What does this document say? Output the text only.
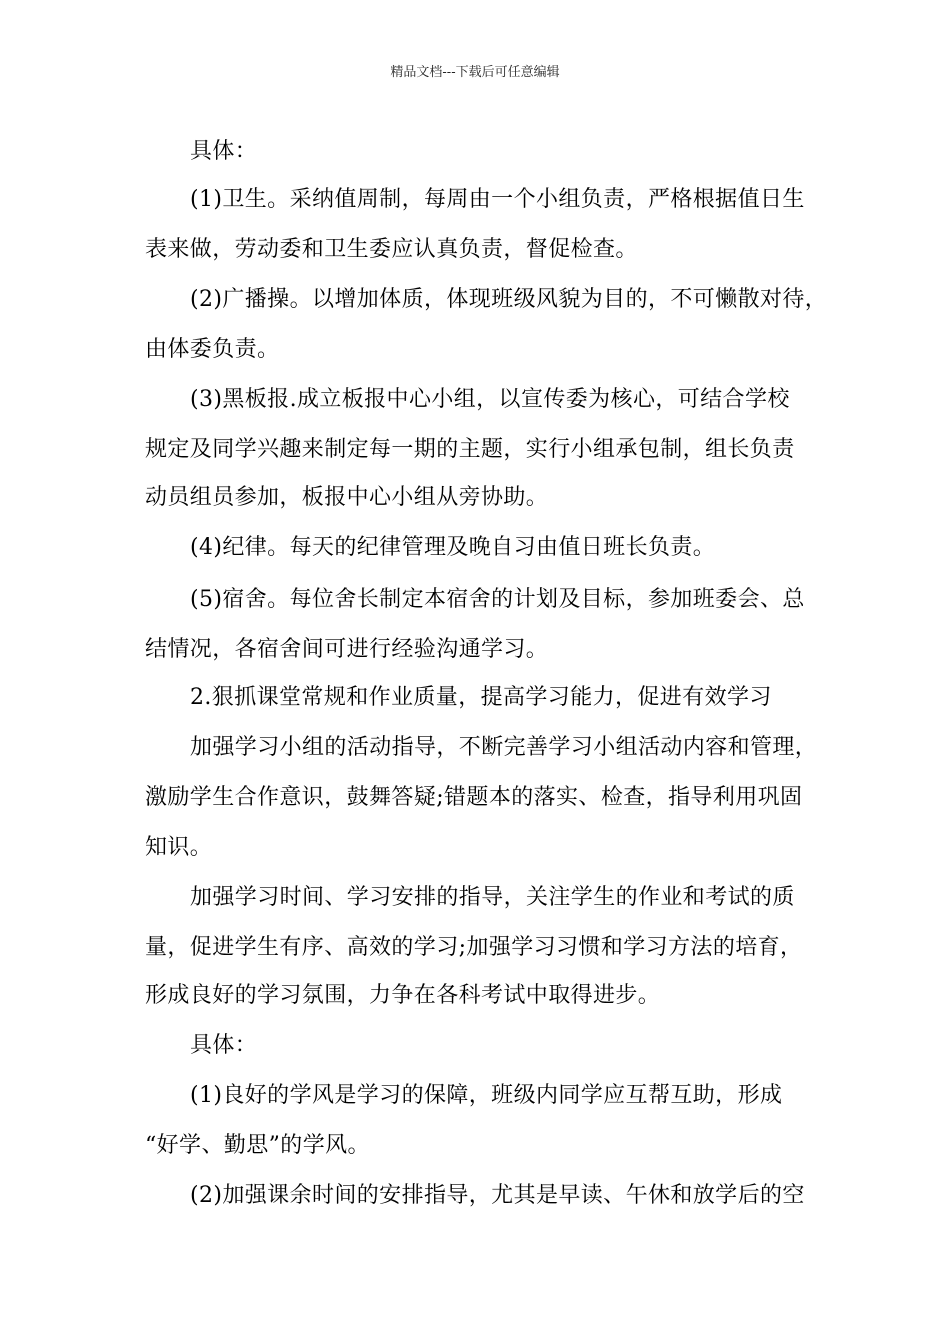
精品文档---下载后可任意编辑
具体：
(1)卫生。采纳值周制，每周由一个小组负责，严格根据值日生
表来做，劳动委和卫生委应认真负责，督促检查。
(2)广播操。以增加体质，体现班级风貌为目的，不可懒散对待，
由体委负责。
(3)黑板报.成立板报中心小组，以宣传委为核心，可结合学校
规定及同学兴趣来制定每一期的主题，实行小组承包制，组长负责
动员组员参加，板报中心小组从旁协助。
(4)纪律。每天的纪律管理及晚自习由值日班长负责。
(5)宿舍。每位舍长制定本宿舍的计划及目标，参加班委会、总
结情况，各宿舍间可进行经验沟通学习。
2.狠抓课堂常规和作业质量，提高学习能力，促进有效学习
加强学习小组的活动指导，不断完善学习小组活动内容和管理，
激励学生合作意识，鼓舞答疑;错题本的落实、检查，指导利用巩固
知识。
加强学习时间、学习安排的指导，关注学生的作业和考试的质
量，促进学生有序、高效的学习;加强学习习惯和学习方法的培育，
形成良好的学习氛围，力争在各科考试中取得进步。
具体：
(1)良好的学风是学习的保障，班级内同学应互帮互助，形成
“好学、勤思”的学风。
(2)加强课余时间的安排指导，尤其是早读、午休和放学后的空
